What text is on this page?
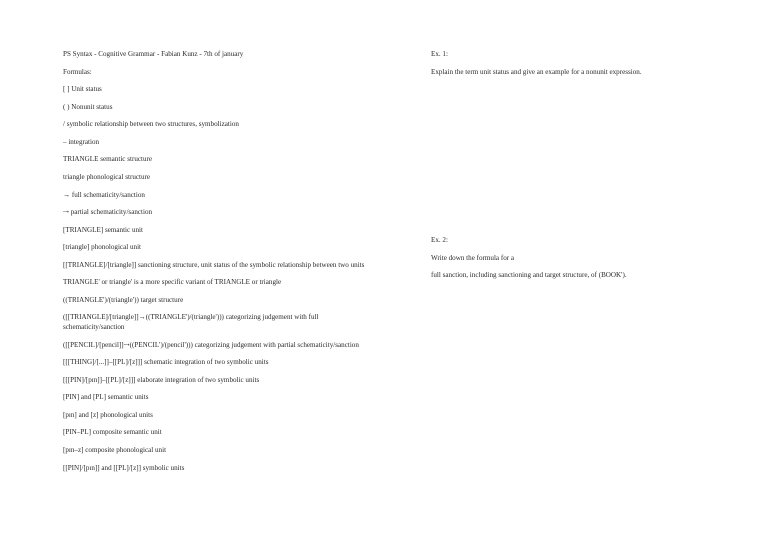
PS Syntax - Cognitive Grammar - Fabian Kunz - 7th of january

Formulas:

[ ] Unit status

( ) Nonunit status

/ symbolic relationship between two structures, symbolization

– integration

TRIANGLE semantic structure

triangle phonological structure

→ full schematicity/sanction

⇢ partial schematicity/sanction

[TRIANGLE] semantic unit

[triangle] phonological unit

[[TRIANGLE]/[triangle]] sanctioning structure, unit status of the symbolic relationship between two units

TRIANGLE' or triangle' is a more specific variant of TRIANGLE or triangle

((TRIANGLE')/(triangle')) target structure

([[TRIANGLE]/[triangle]]→((TRIANGLE')/(triangle'))) categorizing judgement with full schematicity/sanction

([[PENCIL]/[pencil]]⇢((PENCIL')/(pencil'))) categorizing judgement with partial schematicity/sanction

[[[THING]/[...]]–[[PL]/[z]]] schematic integration of two symbolic units

[[[PIN]/[pɪn]]–[[PL]/[z]]] elaborate integration of two symbolic units

[PIN] and [PL] semantic units

[pɪn] and [z] phonological units

[PIN–PL] composite semantic unit

[pɪn–z] composite phonological unit

[[PIN]/[pɪn]] and [[PL]/[z]] symbolic units

Ex. 1:

Explain the term unit status and give an example for a nonunit expression.

Ex. 2:

Write down the formula for a

full sanction, including sanctioning and target structure, of (BOOK').
